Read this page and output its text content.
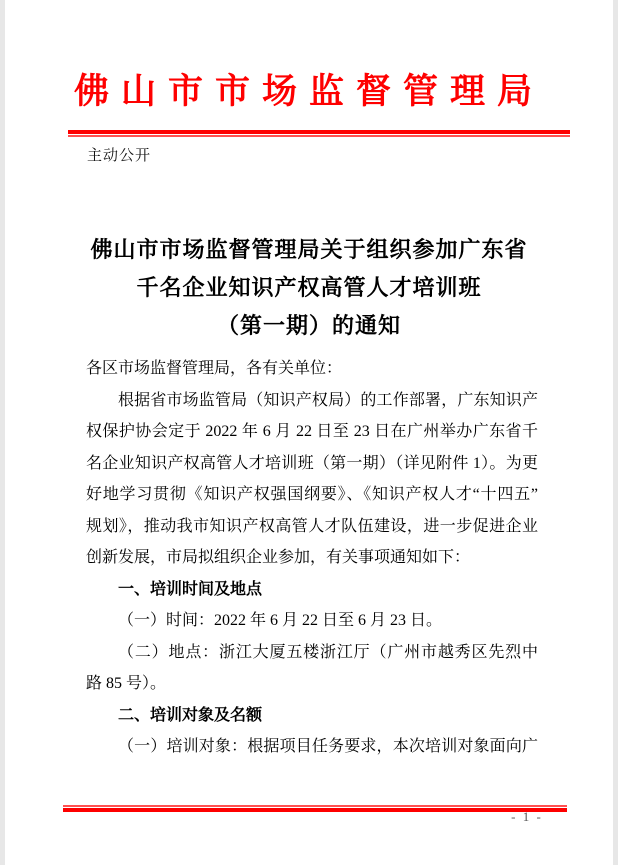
佛山市市场监督管理局
主动公开
佛山市市场监督管理局关于组织参加广东省
千名企业知识产权高管人才培训班
（第一期）的通知
各区市场监督管理局，各有关单位：
根据省市场监管局（知识产权局）的工作部署，广东知识产
权保护协会定于 2022 年 6 月 22 日至 23 日在广州举办广东省千
名企业知识产权高管人才培训班（第一期）（详见附件 1）。为更
好地学习贯彻《知识产权强国纲要》、《知识产权人才“十四五”
规划》，推动我市知识产权高管人才队伍建设，进一步促进企业
创新发展，市局拟组织企业参加，有关事项通知如下：
一、培训时间及地点
（一）时间：2022 年 6 月 22 日至 6 月 23 日。
（二）地点：浙江大厦五楼浙江厅（广州市越秀区先烈中
路 85 号）。
二、培训对象及名额
（一）培训对象：根据项目任务要求，本次培训对象面向广
- 1 -
